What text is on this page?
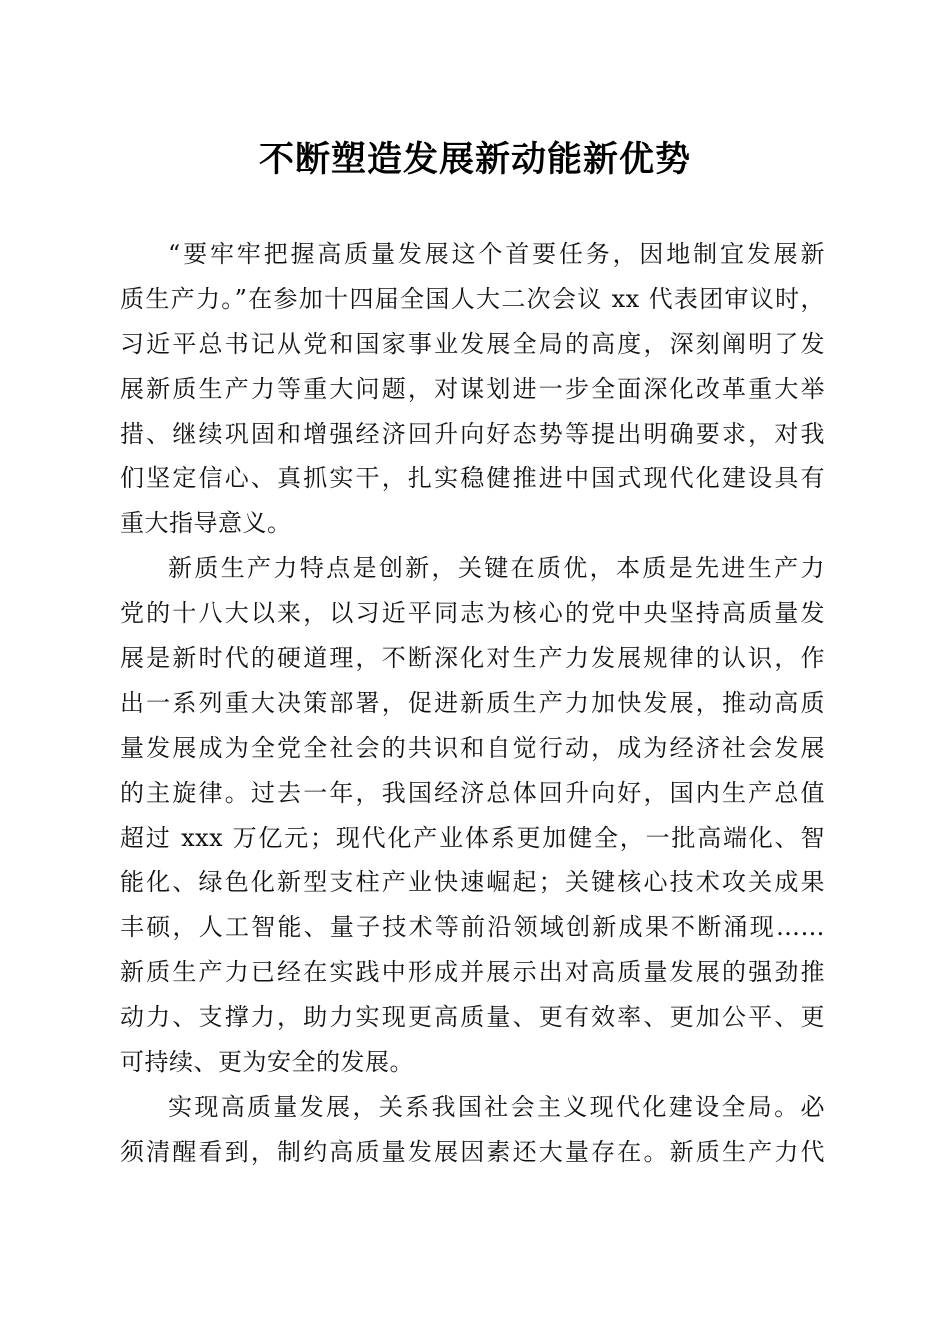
不断塑造发展新动能新优势
“要牢牢把握高质量发展这个首要任务，因地制宜发展新
质生产力。”在参加十四届全国人大二次会议 xx 代表团审议时，
习近平总书记从党和国家事业发展全局的高度，深刻阐明了发
展新质生产力等重大问题，对谋划进一步全面深化改革重大举
措、继续巩固和增强经济回升向好态势等提出明确要求，对我
们坚定信心、真抓实干，扎实稳健推进中国式现代化建设具有
重大指导意义。
新质生产力特点是创新，关键在质优，本质是先进生产力
党的十八大以来，以习近平同志为核心的党中央坚持高质量发
展是新时代的硬道理，不断深化对生产力发展规律的认识，作
出一系列重大决策部署，促进新质生产力加快发展，推动高质
量发展成为全党全社会的共识和自觉行动，成为经济社会发展
的主旋律。过去一年，我国经济总体回升向好，国内生产总值
超过 xxx 万亿元；现代化产业体系更加健全，一批高端化、智
能化、绿色化新型支柱产业快速崛起；关键核心技术攻关成果
丰硕，人工智能、量子技术等前沿领域创新成果不断涌现……
新质生产力已经在实践中形成并展示出对高质量发展的强劲推
动力、支撑力，助力实现更高质量、更有效率、更加公平、更
可持续、更为安全的发展。
实现高质量发展，关系我国社会主义现代化建设全局。必
须清醒看到，制约高质量发展因素还大量存在。新质生产力代
